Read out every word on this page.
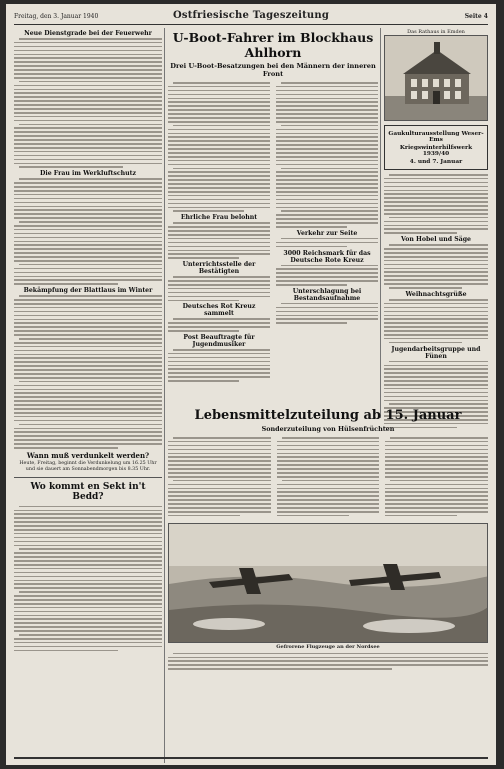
Freitag, den 3. Januar 1940	Ostfriesische Tageszeitung	Seite 4
Neue Dienstgrade bei der Feuerwehr
Die Frau im Werkluftschutz
Bekämpfung der Blattlaus im Winter
Wann muß verdunkelt werden?
Heute, Freitag, beginnt die Verdunkelung um 16.25 Uhr und sie dauert am Sonnabendmorgen bis 8.35 Uhr.
Wo kommt en Sekt in't Bedd?
U-Boot-Fahrer im Blockhaus Ahlhorn
Drei U-Boot-Besatzungen bei den Männern der inneren Front
Ehrliche Frau belohnt
Unterrichtsstelle der Bestätigten
Deutsches Rot Kreuz sammelt
Post Beauftragte für Jugendmusiker
Verkehr zur Seite
3000 Reichsmark für das Deutsche Rote Kreuz
Unterschlagung bei Bestandsaufnahme
Das Rathaus in Emden
Gaukulturausstellung Weser-Ems
Kriegswinterhilfswerk 1939/40
4. und 7. Januar
Von Hobel und Säge
Weihnachtsgrüße
Jugendarbeitsgruppe und Fünen
Lebensmittelzuteilung ab 15. Januar
Sonderzuteilung von Hülsenfrüchten
Gefrorene Flugzeuge an der Nordsee
